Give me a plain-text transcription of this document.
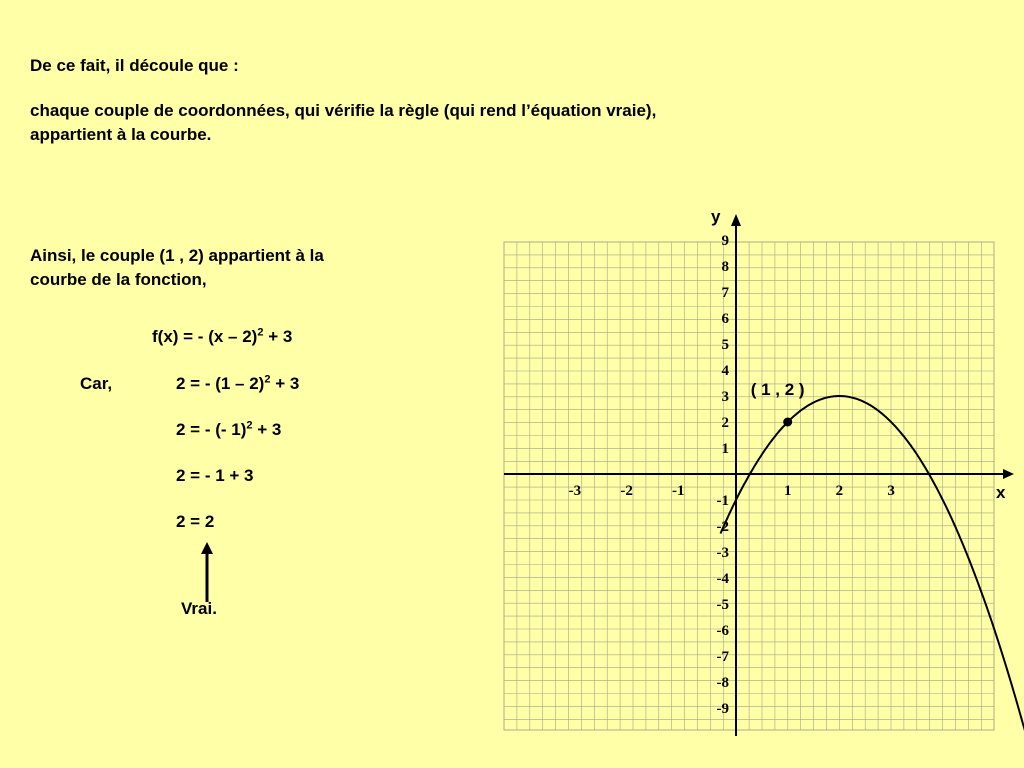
De ce fait, il découle que :

chaque couple de coordonnées, qui vérifie la règle (qui rend l’équation vraie),

appartient à la courbe.

Ainsi, le couple (1 , 2) appartient à la

courbe de la fonction,

f(x) = - (x – 2)$^2$ + 3

Car,	2 = - (1 – 2)$^2$ + 3

2 = - (- 1)$^2$ + 3

2 = - 1 + 3

2 = 2

Vrai.

x
y
-3	-2	-1	1	2	3
9
8
7
6
5
4
3
2
1
-1
-2
-3
-4
-5
-6
-7
-8
-9
( 1 , 2 )
